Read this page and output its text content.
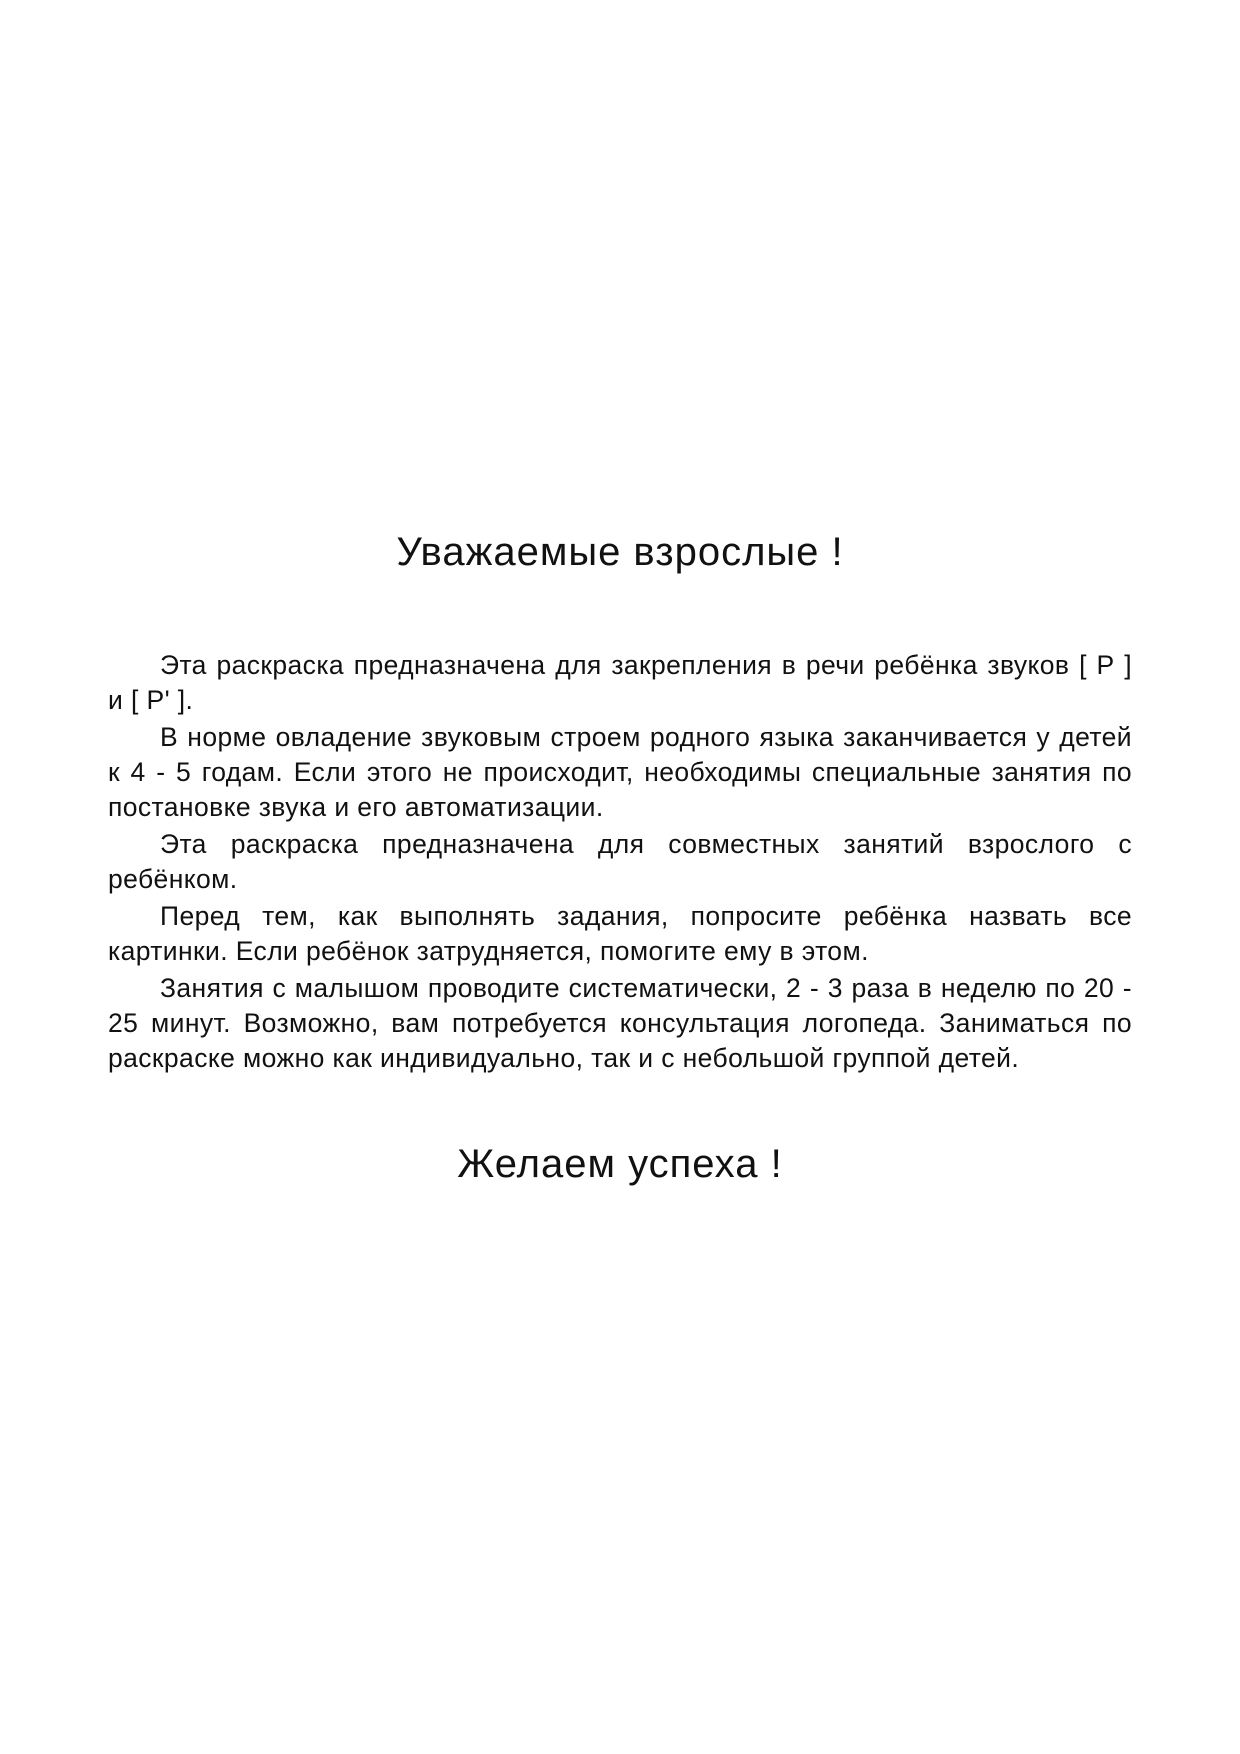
Уважаемые взрослые !

Эта раскраска предназначена для закрепления в речи ребёнка звуков [ Р ] и [ Р' ].

В норме овладение звуковым строем родного языка заканчивается у детей к 4 - 5 годам. Если этого не происходит, необходимы специальные занятия по постановке звука и его автоматизации.

Эта раскраска предназначена для совместных занятий взрослого с ребёнком.

Перед тем, как выполнять задания, попросите ребёнка назвать все картинки. Если ребёнок затрудняется, помогите ему в этом.

Занятия с малышом проводите систематически, 2 - 3 раза в неделю по 20 - 25 минут. Возможно, вам потребуется консультация логопеда. Заниматься по раскраске можно как индивидуально, так и с небольшой группой детей.

Желаем успеха !
